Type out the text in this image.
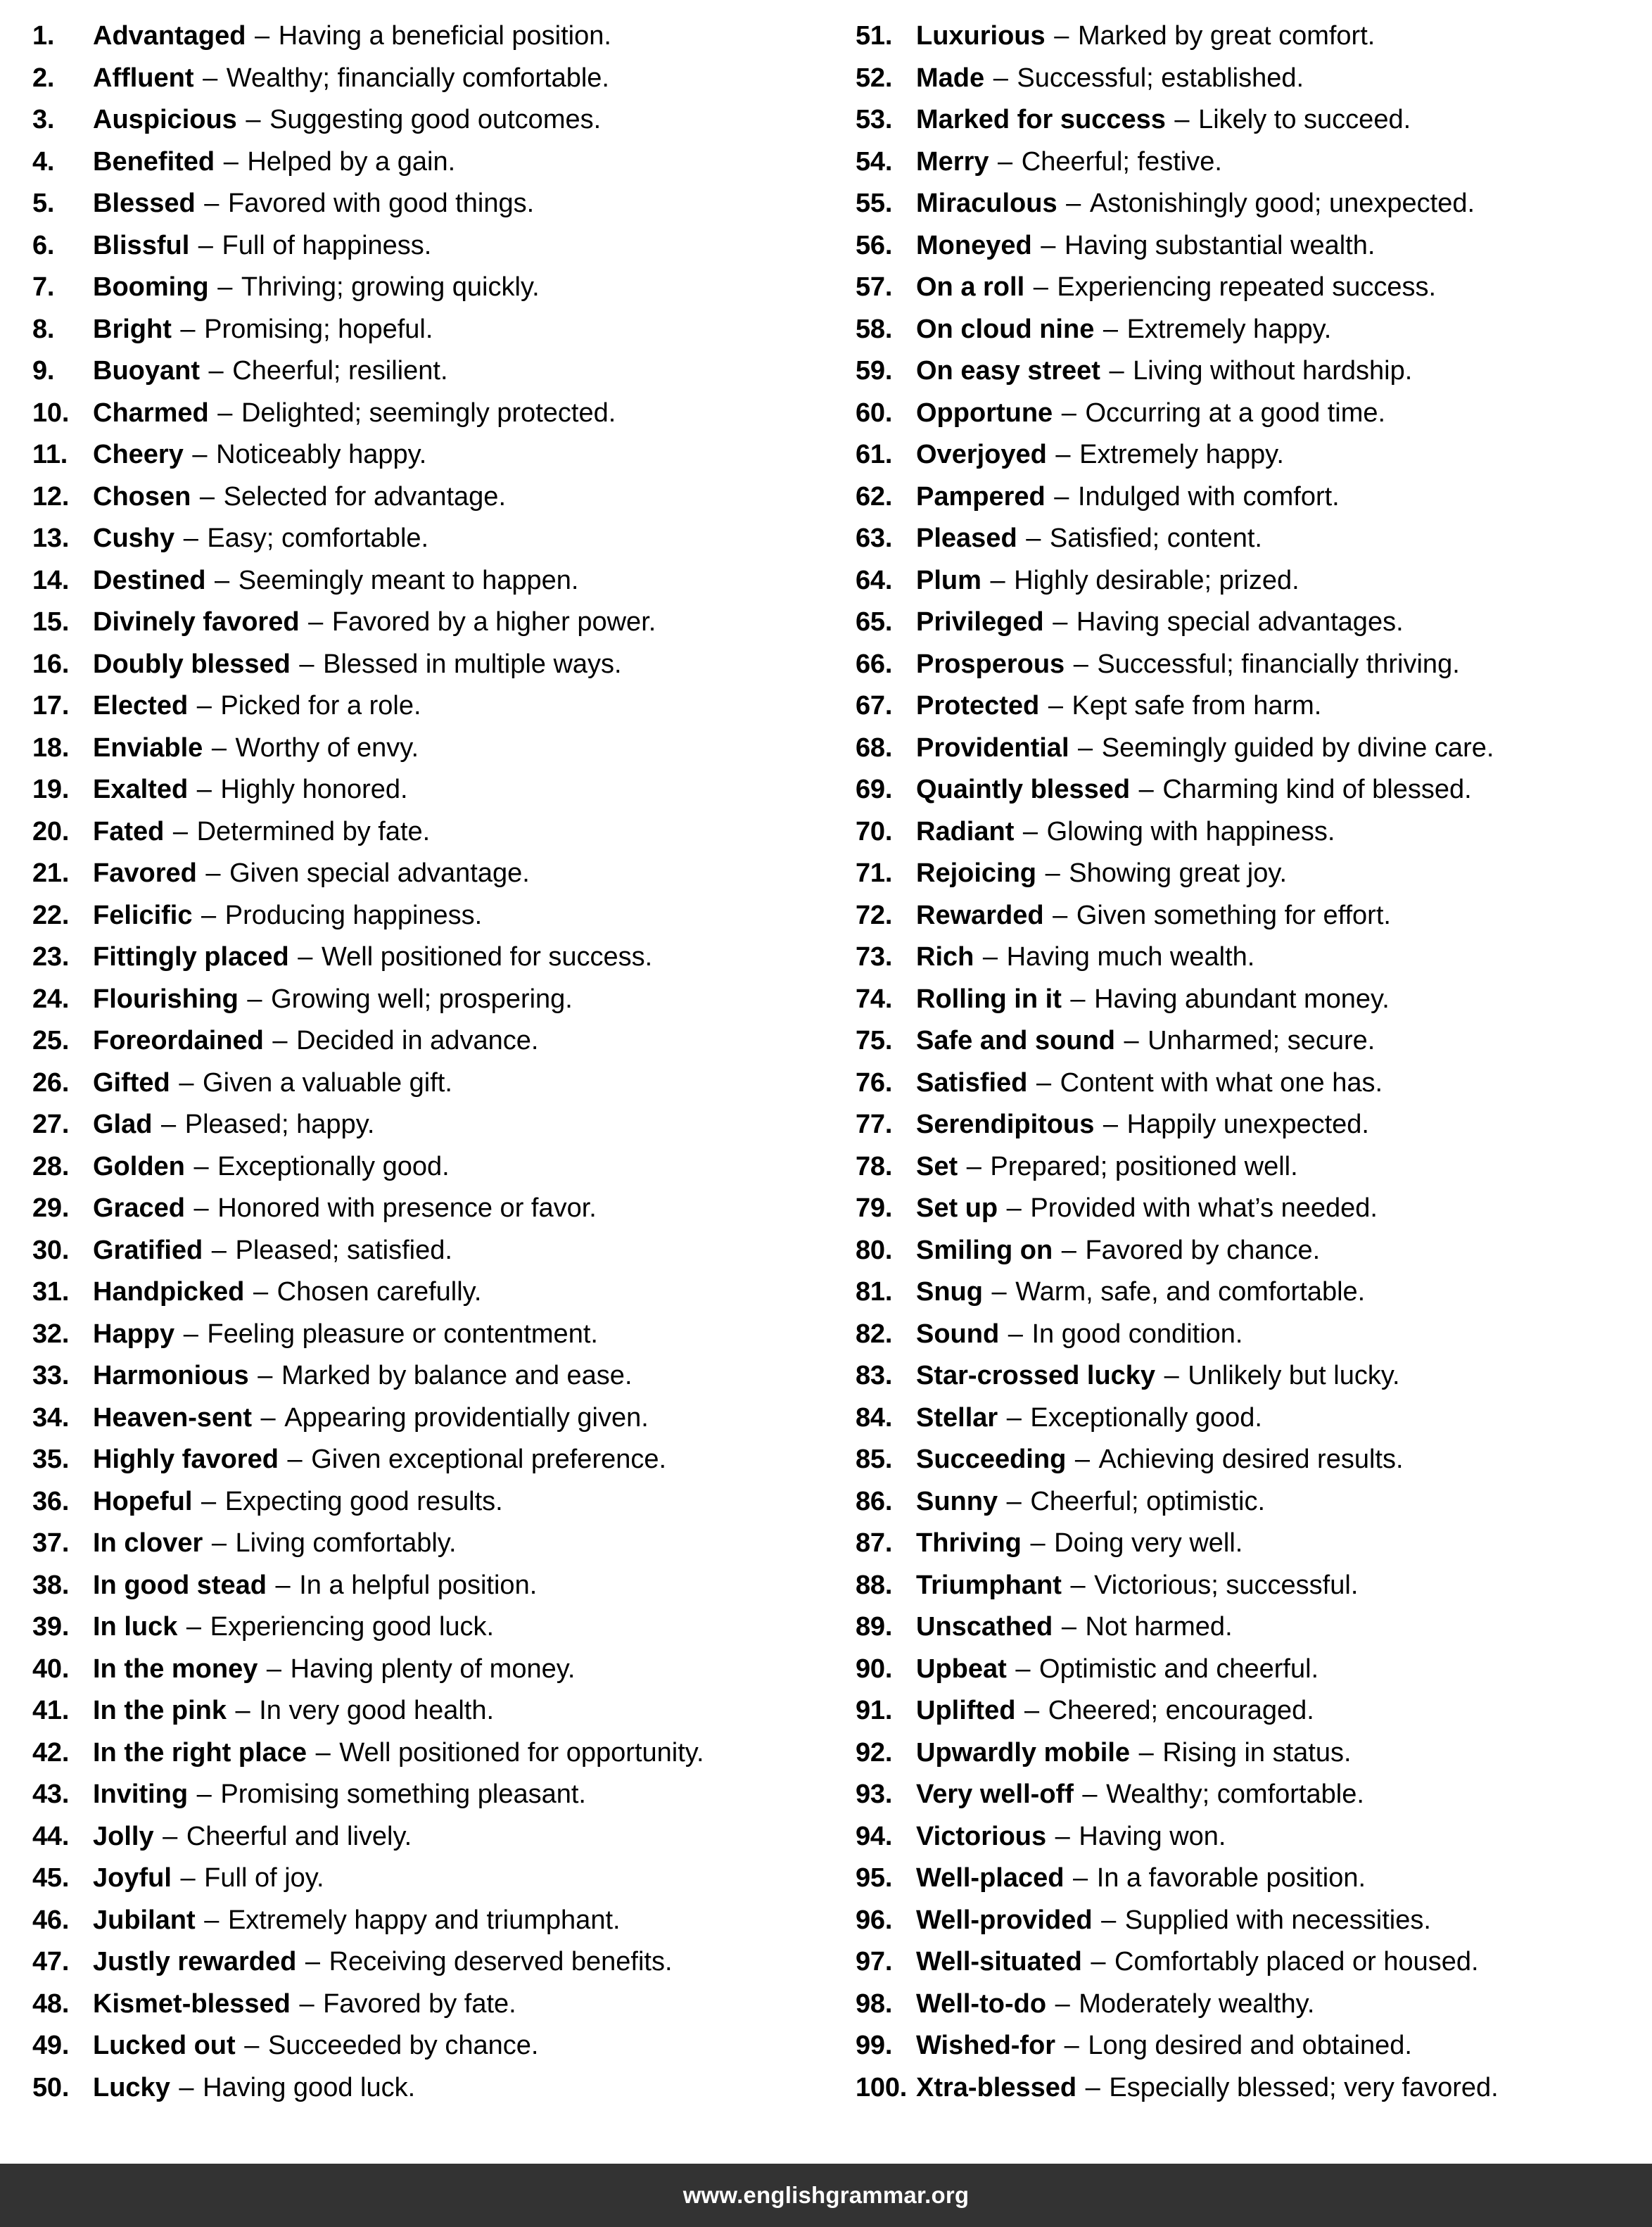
1.	Advantaged – Having a beneficial position.
2.	Affluent – Wealthy; financially comfortable.
3.	Auspicious – Suggesting good outcomes.
4.	Benefited – Helped by a gain.
5.	Blessed – Favored with good things.
6.	Blissful – Full of happiness.
7.	Booming – Thriving; growing quickly.
8.	Bright – Promising; hopeful.
9.	Buoyant – Cheerful; resilient.
10. Charmed – Delighted; seemingly protected.
11. Cheery – Noticeably happy.
12. Chosen – Selected for advantage.
13. Cushy – Easy; comfortable.
14. Destined – Seemingly meant to happen.
15. Divinely favored – Favored by a higher power.
16. Doubly blessed – Blessed in multiple ways.
17. Elected – Picked for a role.
18. Enviable – Worthy of envy.
19. Exalted – Highly honored.
20. Fated – Determined by fate.
21. Favored – Given special advantage.
22. Felicific – Producing happiness.
23. Fittingly placed – Well positioned for success.
24. Flourishing – Growing well; prospering.
25. Foreordained – Decided in advance.
26. Gifted – Given a valuable gift.
27. Glad – Pleased; happy.
28. Golden – Exceptionally good.
29. Graced – Honored with presence or favor.
30. Gratified – Pleased; satisfied.
31. Handpicked – Chosen carefully.
32. Happy – Feeling pleasure or contentment.
33. Harmonious – Marked by balance and ease.
34. Heaven-sent – Appearing providentially given.
35. Highly favored – Given exceptional preference.
36. Hopeful – Expecting good results.
37. In clover – Living comfortably.
38. In good stead – In a helpful position.
39. In luck – Experiencing good luck.
40. In the money – Having plenty of money.
41. In the pink – In very good health.
42. In the right place – Well positioned for opportunity.
43. Inviting – Promising something pleasant.
44. Jolly – Cheerful and lively.
45. Joyful – Full of joy.
46. Jubilant – Extremely happy and triumphant.
47. Justly rewarded – Receiving deserved benefits.
48. Kismet-blessed – Favored by fate.
49. Lucked out – Succeeded by chance.
50. Lucky – Having good luck.
51. Luxurious – Marked by great comfort.
52. Made – Successful; established.
53. Marked for success – Likely to succeed.
54. Merry – Cheerful; festive.
55. Miraculous – Astonishingly good; unexpected.
56. Moneyed – Having substantial wealth.
57. On a roll – Experiencing repeated success.
58. On cloud nine – Extremely happy.
59. On easy street – Living without hardship.
60. Opportune – Occurring at a good time.
61. Overjoyed – Extremely happy.
62. Pampered – Indulged with comfort.
63. Pleased – Satisfied; content.
64. Plum – Highly desirable; prized.
65. Privileged – Having special advantages.
66. Prosperous – Successful; financially thriving.
67. Protected – Kept safe from harm.
68. Providential – Seemingly guided by divine care.
69. Quaintly blessed – Charming kind of blessed.
70. Radiant – Glowing with happiness.
71. Rejoicing – Showing great joy.
72. Rewarded – Given something for effort.
73. Rich – Having much wealth.
74. Rolling in it – Having abundant money.
75. Safe and sound – Unharmed; secure.
76. Satisfied – Content with what one has.
77. Serendipitous – Happily unexpected.
78. Set – Prepared; positioned well.
79. Set up – Provided with what’s needed.
80. Smiling on – Favored by chance.
81. Snug – Warm, safe, and comfortable.
82. Sound – In good condition.
83. Star-crossed lucky – Unlikely but lucky.
84. Stellar – Exceptionally good.
85. Succeeding – Achieving desired results.
86. Sunny – Cheerful; optimistic.
87. Thriving – Doing very well.
88. Triumphant – Victorious; successful.
89. Unscathed – Not harmed.
90. Upbeat – Optimistic and cheerful.
91. Uplifted – Cheered; encouraged.
92. Upwardly mobile – Rising in status.
93. Very well-off – Wealthy; comfortable.
94. Victorious – Having won.
95. Well-placed – In a favorable position.
96. Well-provided – Supplied with necessities.
97. Well-situated – Comfortably placed or housed.
98. Well-to-do – Moderately wealthy.
99. Wished-for – Long desired and obtained.
100. Xtra-blessed – Especially blessed; very favored.
www.englishgrammar.org
